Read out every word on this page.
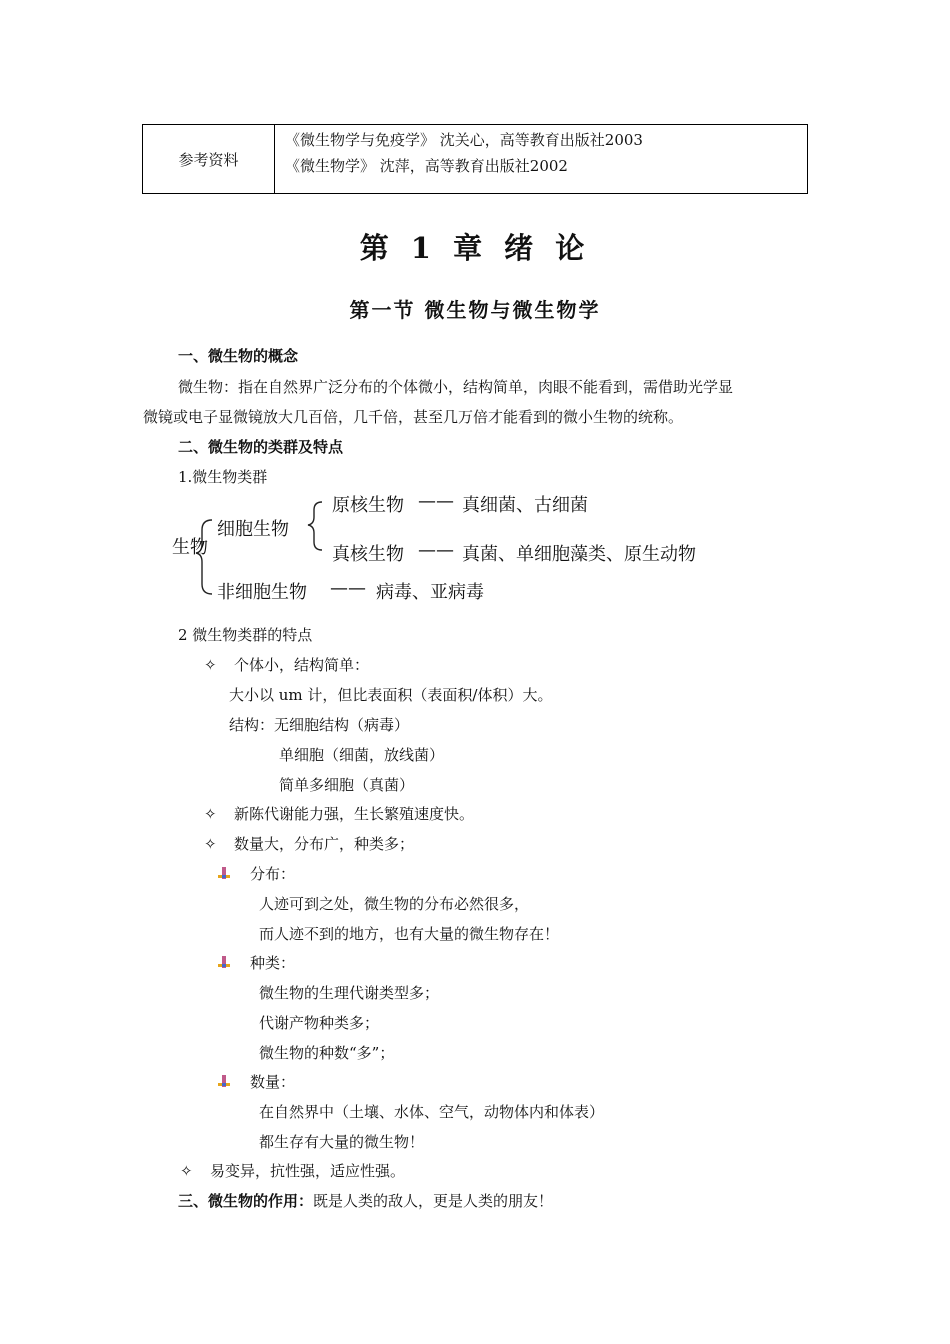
参考资料
《微生物学与免疫学》 沈关心，高等教育出版社2003
《微生物学》 沈萍，高等教育出版社2002
第 1 章 绪 论
第一节 微生物与微生物学
一、微生物的概念
微生物：指在自然界广泛分布的个体微小，结构简单，肉眼不能看到，需借助光学显
微镜或电子显微镜放大几百倍，几千倍，甚至几万倍才能看到的微小生物的统称。
二、微生物的类群及特点
1.微生物类群
生物
细胞生物
非细胞生物
原核生物 —— 真细菌、古细菌
真核生物 —— 真菌、单细胞藻类、原生动物
—— 病毒、亚病毒
2 微生物类群的特点
✧ 个体小，结构简单：
大小以 um 计，但比表面积（表面积/体积）大。
结构：无细胞结构（病毒）
单细胞（细菌，放线菌）
简单多细胞（真菌）
✧ 新陈代谢能力强，生长繁殖速度快。
✧ 数量大，分布广，种类多；
分布：
人迹可到之处，微生物的分布必然很多，
而人迹不到的地方，也有大量的微生物存在！
种类：
微生物的生理代谢类型多；
代谢产物种类多；
微生物的种数“多”；
数量：
在自然界中（土壤、水体、空气，动物体内和体表）
都生存有大量的微生物！
✧ 易变异，抗性强，适应性强。
三、微生物的作用：既是人类的敌人，更是人类的朋友！
